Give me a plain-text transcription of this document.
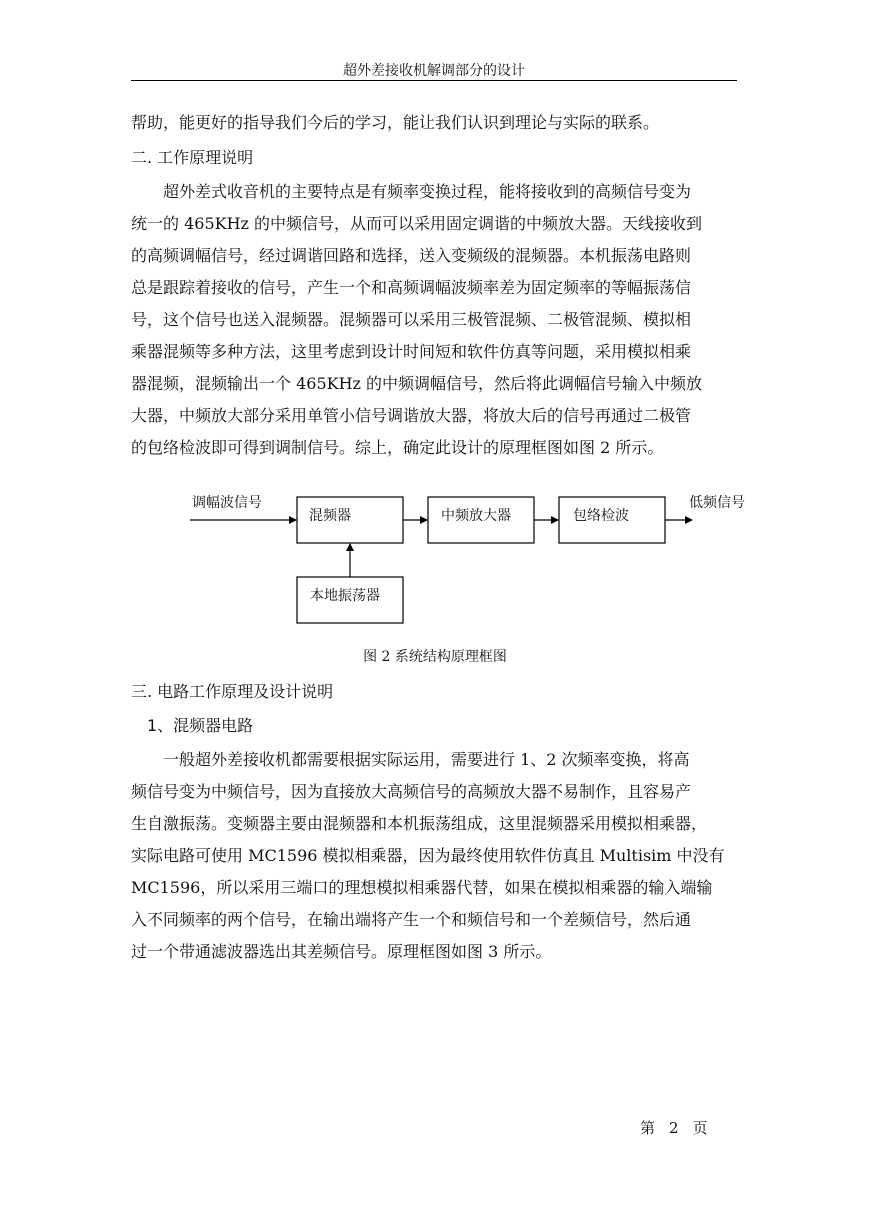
超外差接收机解调部分的设计
帮助，能更好的指导我们今后的学习，能让我们认识到理论与实际的联系。
二. 工作原理说明
超外差式收音机的主要特点是有频率变换过程，能将接收到的高频信号变为
统一的 465KHz 的中频信号，从而可以采用固定调谐的中频放大器。天线接收到
的高频调幅信号，经过调谐回路和选择，送入变频级的混频器。本机振荡电路则
总是跟踪着接收的信号，产生一个和高频调幅波频率差为固定频率的等幅振荡信
号，这个信号也送入混频器。混频器可以采用三极管混频、二极管混频、模拟相
乘器混频等多种方法，这里考虑到设计时间短和软件仿真等问题，采用模拟相乘
器混频，混频输出一个 465KHz 的中频调幅信号，然后将此调幅信号输入中频放
大器，中频放大部分采用单管小信号调谐放大器，将放大后的信号再通过二极管
的包络检波即可得到调制信号。综上，确定此设计的原理框图如图 2 所示。
调幅波信号
混频器	中频放大器	包络检波
低频信号
本地振荡器
图 2 系统结构原理框图
三. 电路工作原理及设计说明
1、混频器电路
一般超外差接收机都需要根据实际运用，需要进行 1、2 次频率变换，将高
频信号变为中频信号，因为直接放大高频信号的高频放大器不易制作，且容易产
生自激振荡。变频器主要由混频器和本机振荡组成，这里混频器采用模拟相乘器，
实际电路可使用 MC1596 模拟相乘器，因为最终使用软件仿真且 Multisim 中没有
MC1596，所以采用三端口的理想模拟相乘器代替，如果在模拟相乘器的输入端输
入不同频率的两个信号，在输出端将产生一个和频信号和一个差频信号，然后通
过一个带通滤波器选出其差频信号。原理框图如图 3 所示。
第 2 页
